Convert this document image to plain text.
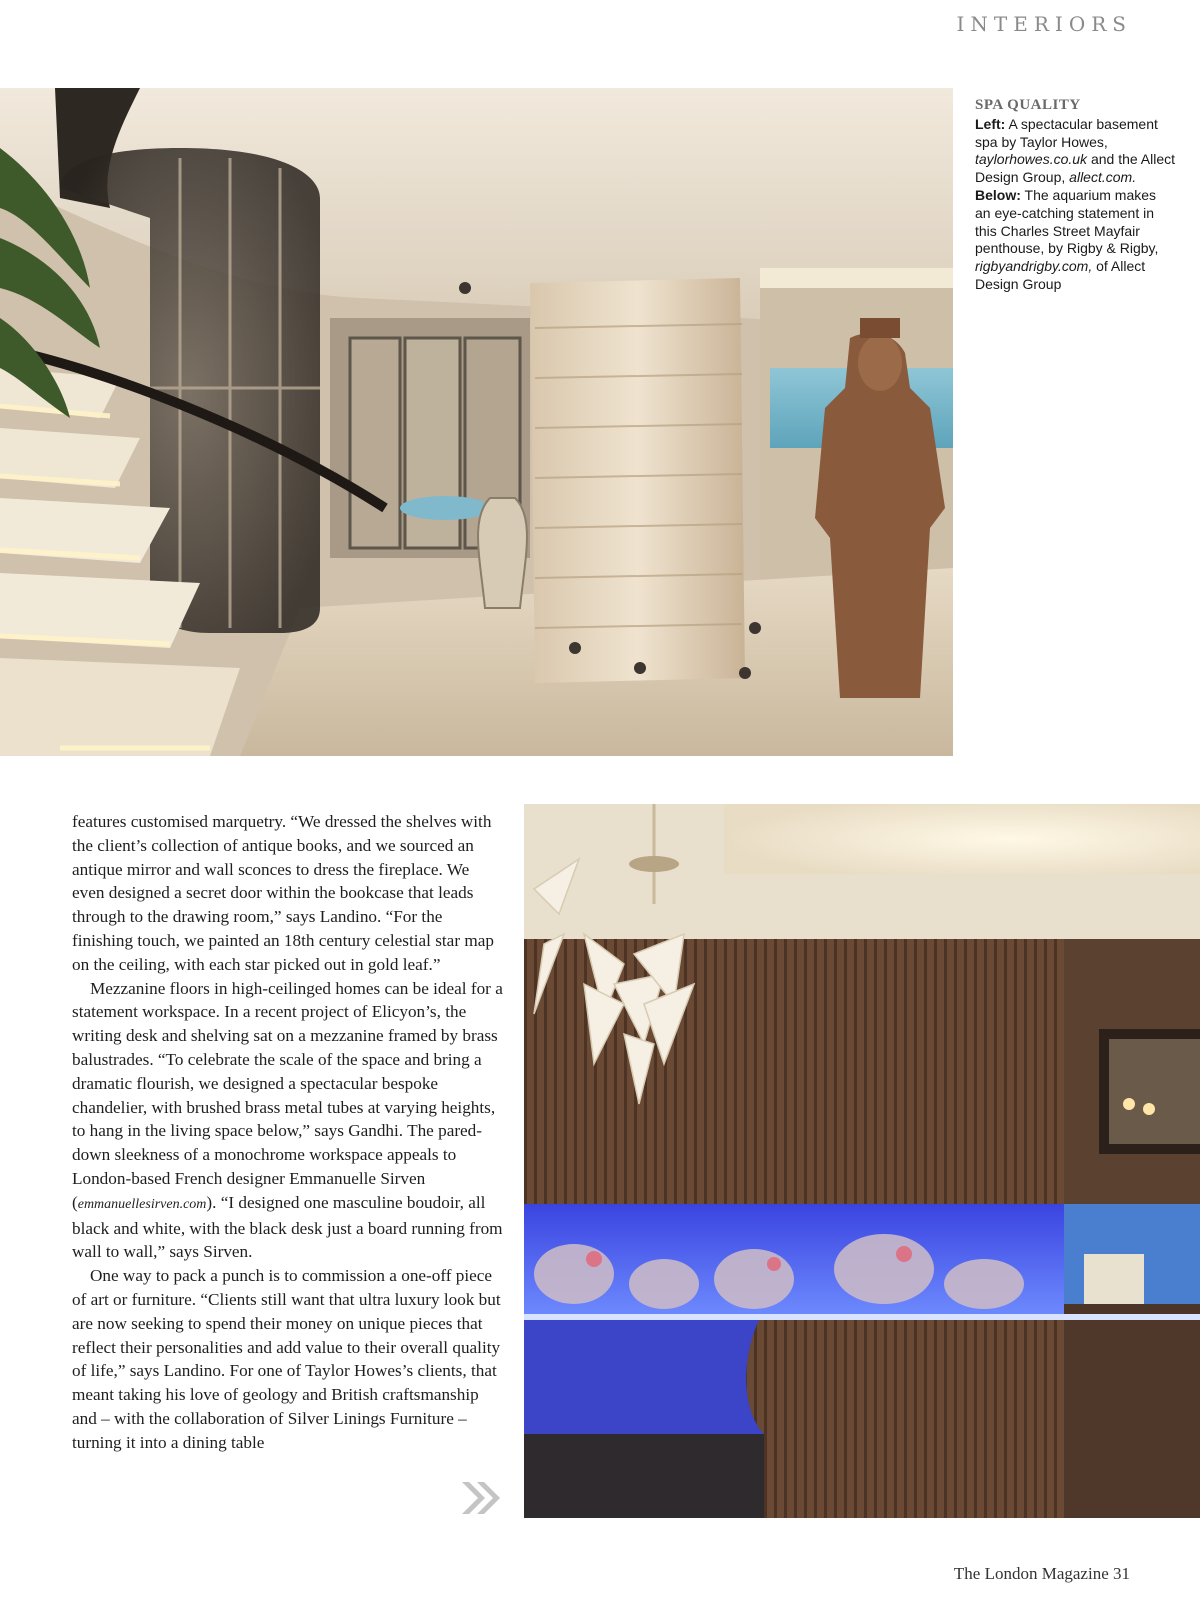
INTERIORS
SPA QUALITY
Left: A spectacular basement spa by Taylor Howes, taylorhowes.co.uk and the Allect Design Group, allect.com.
Below: The aquarium makes an eye-catching statement in this Charles Street Mayfair penthouse, by Rigby & Rigby, rigbyandrigby.com, of Allect Design Group

features customised marquetry. “We dressed the shelves with the client’s collection of antique books, and we sourced an antique mirror and wall sconces to dress the fireplace. We even designed a secret door within the bookcase that leads through to the drawing room,” says Landino. “For the finishing touch, we painted an 18th century celestial star map on the ceiling, with each star picked out in gold leaf.”

Mezzanine floors in high-ceilinged homes can be ideal for a statement workspace. In a recent project of Elicyon’s, the writing desk and shelving sat on a mezzanine framed by brass balustrades. “To celebrate the scale of the space and bring a dramatic flourish, we designed a spectacular bespoke chandelier, with brushed brass metal tubes at varying heights, to hang in the living space below,” says Gandhi. The pared-down sleekness of a monochrome workspace appeals to London-based French designer Emmanuelle Sirven (emmanuellesirven.com). “I designed one masculine boudoir, all black and white, with the black desk just a board running from wall to wall,” says Sirven.

One way to pack a punch is to commission a one-off piece of art or furniture. “Clients still want that ultra luxury look but are now seeking to spend their money on unique pieces that reflect their personalities and add value to their overall quality of life,” says Landino. For one of Taylor Howes’s clients, that meant taking his love of geology and British craftsmanship and – with the collaboration of Silver Linings Furniture – turning it into a dining table

The London Magazine 31
